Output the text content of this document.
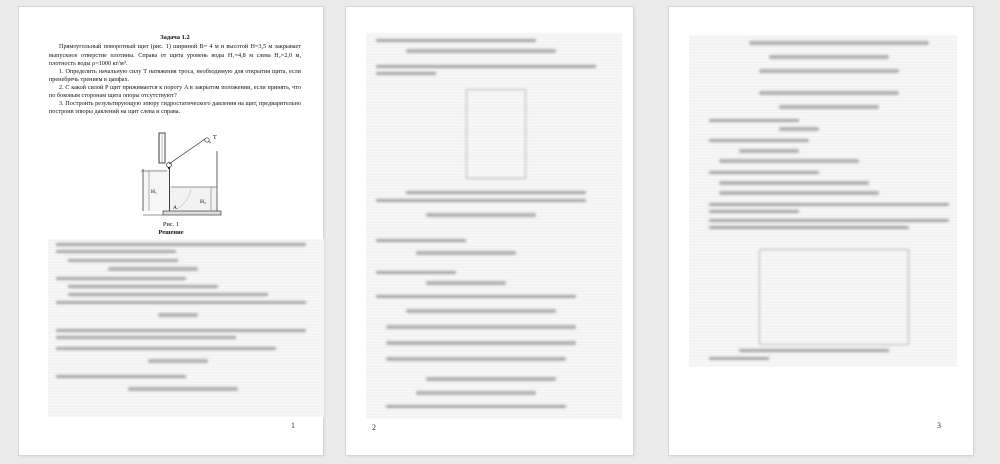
Задача 1.2
Прямоугольный поворотный щит (рис. 1) шириной B= 4 м и высотой H=3,5 м закрывает выпускное отверстие плотины. Справа от щита уровень воды H₁=4,8 м слева H₂=2,0 м, плотность воды ρ=1000 кг/м³.
1. Определить начальную силу T натяжения троса, необходимую для открытия щита, если пренебречь трением в цапфах.
2. С какой силой P щит прижимается к порогу A в закрытом положении, если принять, что по боковым сторонам щита опоры отсутствуют?
3. Построить результирующую эпюру гидростатического давления на щит, предварительно построив эпюры давлений на щит слева и справа.
T
H₁
H₂
A
Рис. 1
Решение
1	2	3
